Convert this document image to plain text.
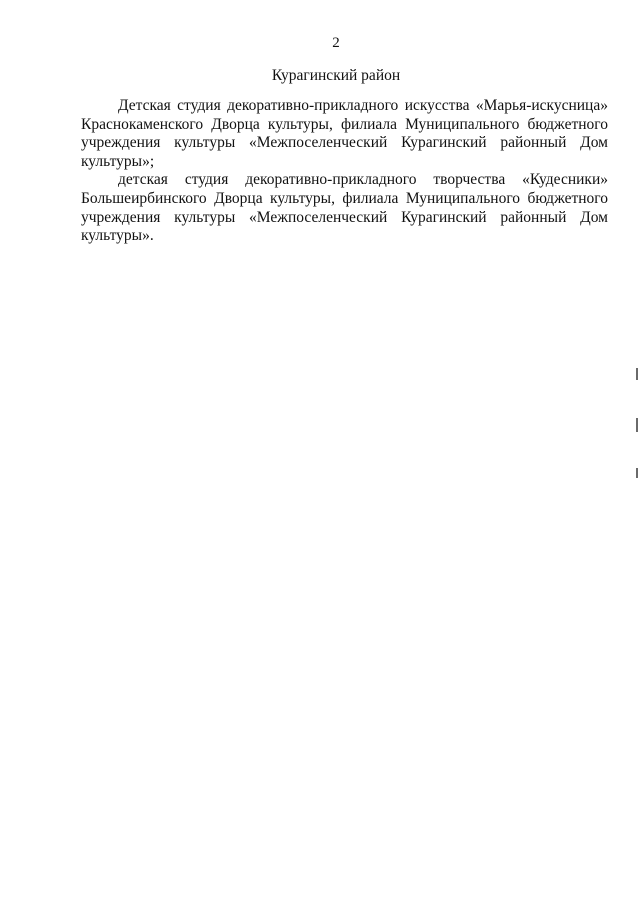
2
Курагинский район

Детская студия декоративно-прикладного искусства «Марья-искусница» Краснокаменского Дворца культуры, филиала Муниципального бюджетного учреждения культуры «Межпоселенческий Курагинский районный Дом культуры»;

детская студия декоративно-прикладного творчества «Кудесники» Большеирбинского Дворца культуры, филиала Муниципального бюджетного учреждения культуры «Межпоселенческий Курагинский районный Дом культуры».
